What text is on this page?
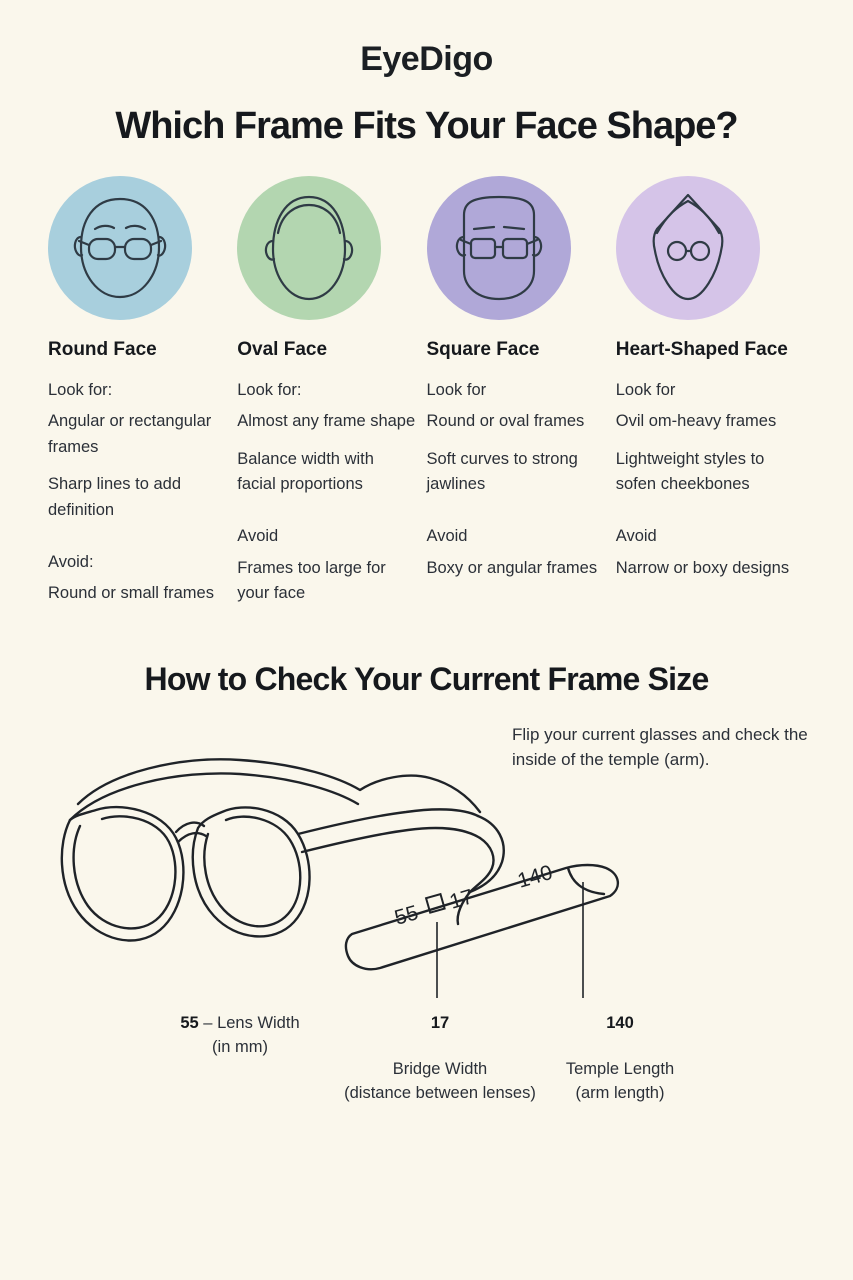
EyeDigo
Which Frame Fits Your Face Shape?
Round Face

Look for:

Angular or rectangular frames

Sharp lines to add definition

Avoid:

Round or small frames

Oval Face

Look for:

Almost any frame shape

Balance width with facial proportions

Avoid

Frames too large for your face

Square Face

Look for

Round or oval frames

Soft curves to strong jawlines

Avoid

Boxy or angular frames

Heart-Shaped Face

Look for

Ovil om-heavy frames

Lightweight styles to sofen cheekbones

Avoid

Narrow or boxy designs

How to Check Your Current Frame Size
Flip your current glasses and check the inside of the temple (arm).
55
17
140
55 – Lens Width
(in mm)
17
Bridge Width
(distance between lenses)
140
Temple Length
(arm length)
